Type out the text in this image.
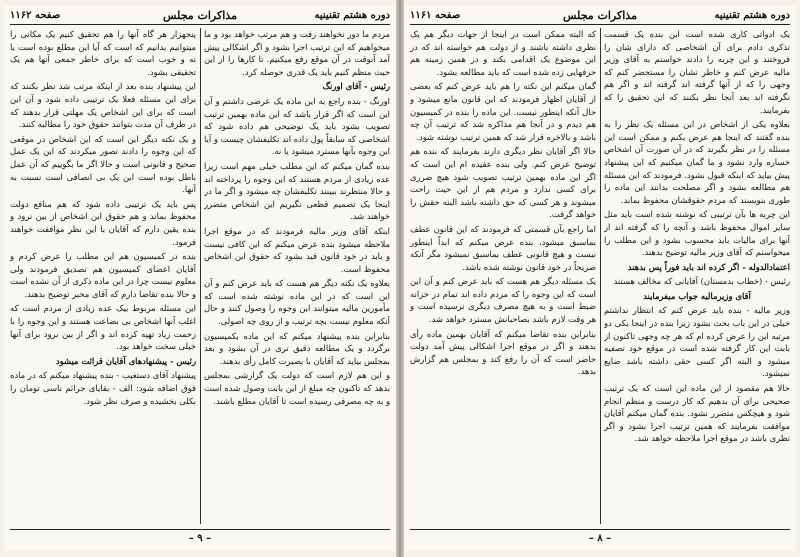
دوره هشتم تقنینیه
مذاکرات مجلس
صفحه ۱۱۶۲

مردم ما دور نخواهند رفت و هم مرتب خواهد بود و ما میخواهیم که این ترتیب اجرا بشود و اگر اشکالی پیش آمد آنوقت در آن موقع رفع میکنیم. تا کارها را از این حیث منظم کنیم باید یک قدری حوصله کرد.

رئیس - آقای اورنگ

اورنگ - بنده راجع به این ماده یک عرضی داشتم و آن این است که اگر قرار باشد که این ماده بهمین ترتیب تصویب بشود باید یک توضیحی هم داده شود که اشخاصی که سابقاً پول داده اند تکلیفشان چیست و آیا این وجوه بآنها مسترد میشود یا نه.

بنده گمان میکنم که این مطلب خیلی مهم است زیرا عده زیادی از مردم هستند که این وجوه را پرداخته اند و حالا منتظرند ببینند تکلیفشان چه میشود و اگر ما در اینجا یک تصمیم قطعی نگیریم این اشخاص متضرر خواهند شد.

اینکه آقای وزیر مالیه فرمودند که در موقع اجرا ملاحظه میشود بنده عرض میکنم که این کافی نیست و باید در خود قانون قید بشود که حقوق این اشخاص محفوظ است.

بعلاوه یک نکته دیگر هم هست که باید عرض کنم و آن این است که در این ماده نوشته شده است که مأمورین مالیه میتوانند این وجوه را وصول کنند و حال آنکه معلوم نیست بچه ترتیب و از روی چه اصولی.

بنابراین بنده پیشنهاد میکنم که این ماده بکمیسیون برگردد و یک مطالعه دقیق تری در آن بشود و بعد بمجلس بیاید که آقایان با بصیرت کامل رأی بدهند.

و این هم لازم است که دولت یک گزارشی بمجلس بدهد که تاکنون چه مبلغ از این بابت وصول شده است و به چه مصرفی رسیده است تا آقایان مطلع باشند.

پنجهزار هر گاه آنها را هم تحقیق کنیم یک مکانی را میتوانیم بدانیم که است که آیا این مطلع بوده است یا نه و خوب است که برای خاطر جمعی آنها هم یک تحقیقی بشود.

این پیشنهاد بنده بعد از اینکه مرتب شد نظر بکنند که برای این مسئله فعلا یک ترتیبی داده شود و آن این است که برای این اشخاص یک مهلتی قرار بدهند که در ظرف آن مدت بتوانند حقوق خود را مطالبه کنند.

و یک نکته دیگر این است که این اشخاص در موقعی که این وجوه را دادند تصور میکردند که این یک عمل صحیح و قانونی است و حالا اگر ما بگوییم که آن عمل باطل بوده است این یک بی انصافی است نسبت به آنها.

پس باید یک ترتیبی داده شود که هم منافع دولت محفوظ بماند و هم حقوق این اشخاص از بین نرود و بنده یقین دارم که آقایان با این نظر موافقت خواهند فرمود.

بنده در کمیسیون هم این مطلب را عرض کردم و آقایان اعضای کمیسیون هم تصدیق فرمودند ولی معلوم نیست چرا در این ماده ذکری از آن نشده است و حالا بنده تقاضا دارم که آقای مخبر توضیح بدهند.

این مسئله مربوط بیک عده زیادی از مردم است که اغلب آنها اشخاص بی بضاعت هستند و این وجوه را با زحمت زیاد تهیه کرده اند و اگر از بین برود برای آنها خیلی سخت خواهد بود.

رئیس - پیشنهادهای آقایان قرائت میشود

پیشنهاد آقای دستغیب - بنده پیشنهاد میکنم که در ماده فوق اضافه شود: الف - بقایای جرائم ناسی تومان را بکلی بخشیده و صرف نظر شود.

– ۹ –
دوره هشتم تقنینیه
مذاکرات مجلس
صفحه ۱۱۶۱

یک ادواتی کاری شده است این بنده یک قسمت تذکری دادم برای آن اشخاصی که دارای شان را فروختند و این چربه را دادند خواستم به آقای وزیر مالیه عرض کنم و خاطر نشان را مستحضر کنم که وجهی را که از آنها گرفته اند گرفته اند و اگر هم نگرفته اند بعد آنجا نظر بکنند که این تحقیق را که بفرمایند.

بعلاوه یکی از اشخاص در این مسئله یک نظر را به بنده گفتند که اینجا هم عرض بکنم و ممکن است این مسئله را در نظر بگیرند که در آن صورت آن اشخاص خساره وارد نشود و ما گمان میکنیم که این پیشنهاد پیش بیاید که اینکه قبول بشود. فرمودند که این مسئله هم مطالعه بشود و اگر مصلحت بدانند این ماده را طوری بنویسند که مردم حقوقشان محفوظ بماند.

این چربه ها بآن ترتیبی که نوشته شده است باید مثل سایر اموال محفوظ باشد و آنچه را که گرفته اند از آنها برای مالیات باید محسوب بشود و این مطلب را میخواستم که آقای وزیر مالیه توضیح بدهند.

اعتمادالدوله - اگر کرده اند باید فوراً پس بدهند

رئیس - (خطاب بدمستان) آقایانی که مخالف هستند

آقای وزیرمالیه جواب میفرمایند

وزیر مالیه - بنده باید عرض کنم که انتظار نداشتم خیلی در این باب بحث بشود زیرا بنده در اینجا یکی دو مرتبه این را عرض کرده ام که هر چه وجهی تاکنون از بابت این کار گرفته شده است در موقع خود تصفیه میشود و البته اگر کسی حقی داشته باشد ضایع نمیشود.

حالا هم مقصود از این ماده این است که یک ترتیب صحیحی برای آن بدهیم که کار درست و منظم انجام شود و هیچکس متضرر نشود. بنده گمان میکنم آقایان موافقت بفرمایند که همین ترتیب اجرا بشود و اگر نظری باشد در موقع اجرا ملاحظه خواهد شد.

که البته ممکن است در اینجا از جهات دیگر هم یک نظری داشته باشند و از دولت هم خواسته اند که در این موضوع یک اقدامی بکند و در همین زمینه هم حرفهایی زده شده است که باید مطالعه بشود.

گمان میکنم این نکته را هم باید عرض کنم که بعضی از آقایان اظهار فرمودند که این قانون مانع میشود و حال آنکه اینطور نیست. این ماده را بنده در کمیسیون هم دیدم و در آنجا هم مذاکره شد که ترتیب آن چه باشد و بالاخره قرار شد که همین ترتیب نوشته شود.

حالا اگر آقایان نظر دیگری دارند بفرمایند که بنده هم توضیح عرض کنم. ولی بنده عقیده ام این است که اگر این ماده بهمین ترتیب تصویب شود هیچ ضرری برای کسی ندارد و مردم هم از این حیث راحت میشوند و هر کسی که حق داشته باشد البته حقش را خواهد گرفت.

اما راجع بآن قسمتی که فرمودند که این قانون عطف بماسبق میشود، بنده عرض میکنم که ابداً اینطور نیست و هیچ قانونی عطف بماسبق نمیشود مگر آنکه صریحاً در خود قانون نوشته شده باشد.

یک مسئله دیگر هم هست که باید عرض کنم و آن این است که این وجوه را که مردم داده اند تمام در خزانه ضبط است و به هیچ مصرف دیگری نرسیده است و هر وقت لازم باشد بصاحبانش مسترد خواهد شد.

بنابراین بنده تقاضا میکنم که آقایان بهمین ماده رأی بدهند و اگر در موقع اجرا اشکالی پیش آمد دولت حاضر است که آن را رفع کند و بمجلس هم گزارش بدهد.

– ۸ –
